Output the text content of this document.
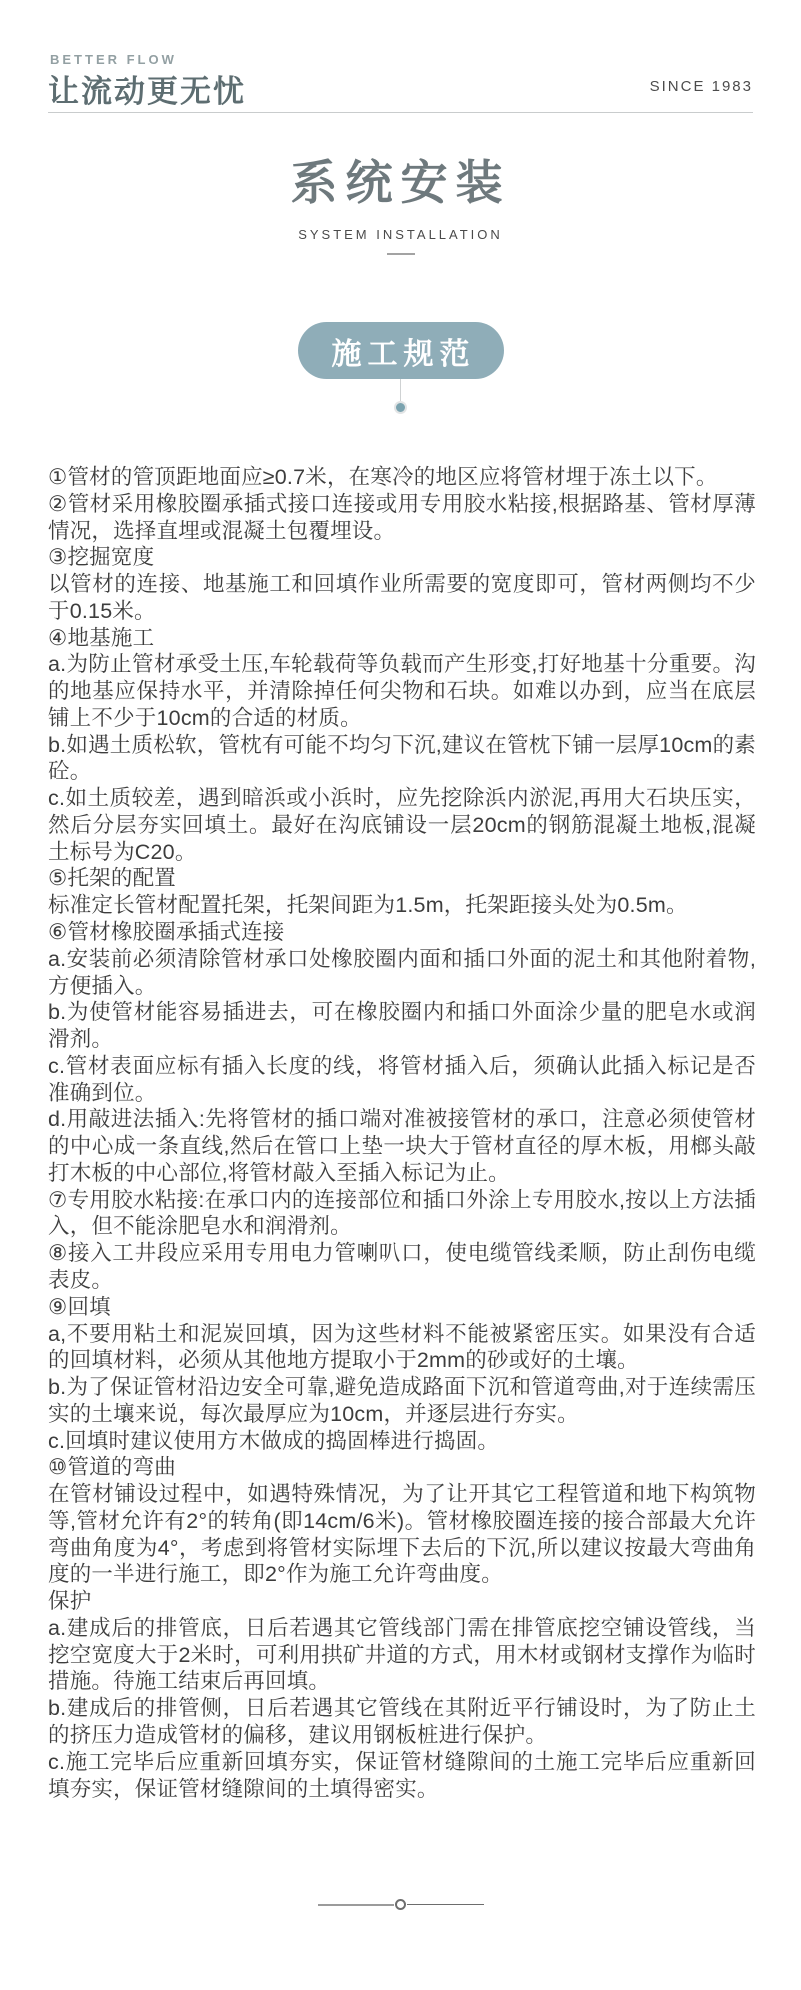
BETTER FLOW
让流动更无忧	SINCE 1983
系统安装
SYSTEM INSTALLATION
施工规范

①管材的管顶距地面应≥0.7米，在寒冷的地区应将管材埋于冻土以下。

②管材采用橡胶圈承插式接口连接或用专用胶水粘接,根据路基、管材厚薄情况，选择直埋或混凝土包覆埋设。

③挖掘宽度

以管材的连接、地基施工和回填作业所需要的宽度即可，管材两侧均不少于0.15米。

④地基施工

a.为防止管材承受土压,车轮载荷等负载而产生形变,打好地基十分重要。沟的地基应保持水平，并清除掉任何尖物和石块。如难以办到，应当在底层铺上不少于10cm的合适的材质。

b.如遇土质松软，管枕有可能不均匀下沉,建议在管枕下铺一层厚10cm的素砼。

c.如土质较差，遇到暗浜或小浜时，应先挖除浜内淤泥,再用大石块压实，然后分层夯实回填土。最好在沟底铺设一层20cm的钢筋混凝土地板,混凝土标号为C20。

⑤托架的配置

标准定长管材配置托架，托架间距为1.5m，托架距接头处为0.5m。

⑥管材橡胶圈承插式连接

a.安装前必须清除管材承口处橡胶圈内面和插口外面的泥土和其他附着物,方便插入。

b.为使管材能容易插进去，可在橡胶圈内和插口外面涂少量的肥皂水或润滑剂。

c.管材表面应标有插入长度的线，将管材插入后，须确认此插入标记是否准确到位。

d.用敲进法插入:先将管材的插口端对准被接管材的承口，注意必须使管材的中心成一条直线,然后在管口上垫一块大于管材直径的厚木板，用榔头敲打木板的中心部位,将管材敲入至插入标记为止。

⑦专用胶水粘接:在承口内的连接部位和插口外涂上专用胶水,按以上方法插入，但不能涂肥皂水和润滑剂。

⑧接入工井段应采用专用电力管喇叭口，使电缆管线柔顺，防止刮伤电缆表皮。

⑨回填

a,不要用粘土和泥炭回填，因为这些材料不能被紧密压实。如果没有合适的回填材料，必须从其他地方提取小于2mm的砂或好的土壤。

b.为了保证管材沿边安全可靠,避免造成路面下沉和管道弯曲,对于连续需压实的土壤来说，每次最厚应为10cm，并逐层进行夯实。

c.回填时建议使用方木做成的捣固棒进行捣固。

⑩管道的弯曲

在管材铺设过程中，如遇特殊情况，为了让开其它工程管道和地下构筑物等,管材允许有2°的转角(即14cm/6米)。管材橡胶圈连接的接合部最大允许弯曲角度为4°，考虑到将管材实际埋下去后的下沉,所以建议按最大弯曲角度的一半进行施工，即2°作为施工允许弯曲度。

保护

a.建成后的排管底，日后若遇其它管线部门需在排管底挖空铺设管线，当挖空宽度大于2米时，可利用拱矿井道的方式，用木材或钢材支撑作为临时措施。待施工结束后再回填。

b.建成后的排管侧，日后若遇其它管线在其附近平行铺设时，为了防止土的挤压力造成管材的偏移，建议用钢板桩进行保护。

c.施工完毕后应重新回填夯实，保证管材缝隙间的土施工完毕后应重新回填夯实，保证管材缝隙间的土填得密实。
